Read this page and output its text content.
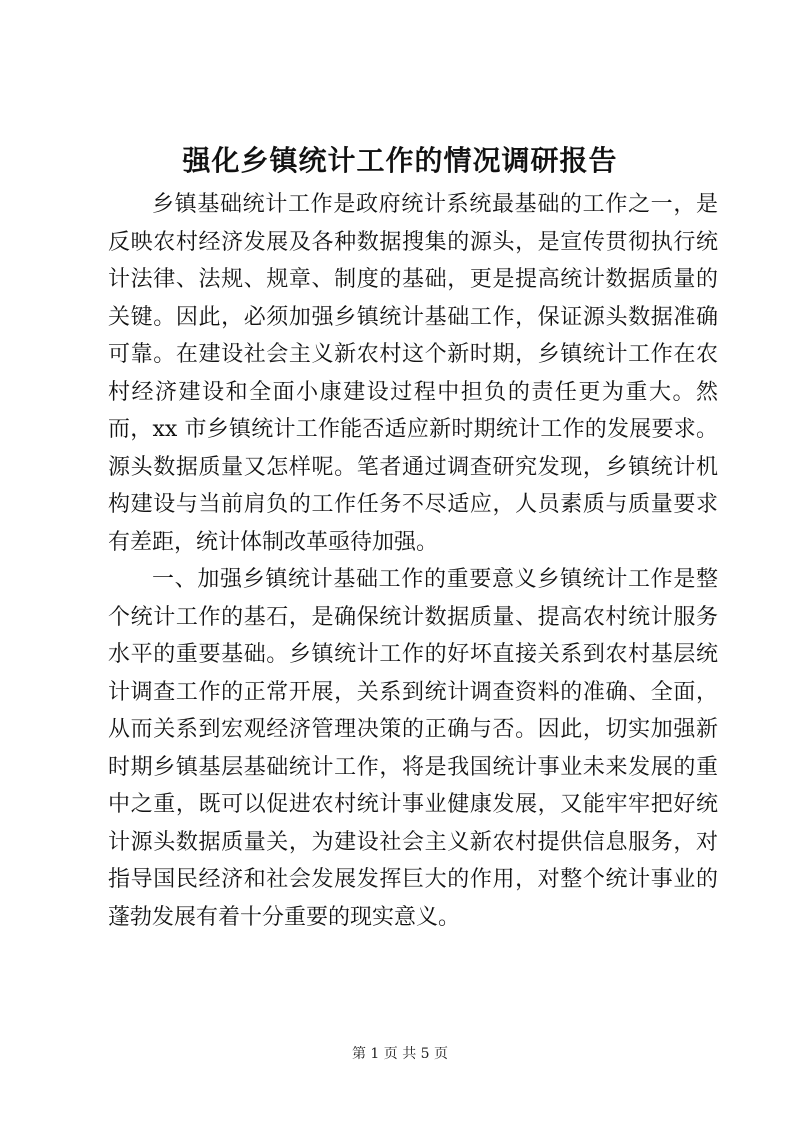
强化乡镇统计工作的情况调研报告

乡镇基础统计工作是政府统计系统最基础的工作之一，是反映农村经济发展及各种数据搜集的源头，是宣传贯彻执行统计法律、法规、规章、制度的基础，更是提高统计数据质量的关键。因此，必须加强乡镇统计基础工作，保证源头数据准确可靠。在建设社会主义新农村这个新时期，乡镇统计工作在农村经济建设和全面小康建设过程中担负的责任更为重大。然而，xx 市乡镇统计工作能否适应新时期统计工作的发展要求。源头数据质量又怎样呢。笔者通过调查研究发现，乡镇统计机构建设与当前肩负的工作任务不尽适应，人员素质与质量要求有差距，统计体制改革亟待加强。

一、加强乡镇统计基础工作的重要意义乡镇统计工作是整个统计工作的基石，是确保统计数据质量、提高农村统计服务水平的重要基础。乡镇统计工作的好坏直接关系到农村基层统计调查工作的正常开展，关系到统计调查资料的准确、全面，从而关系到宏观经济管理决策的正确与否。因此，切实加强新时期乡镇基层基础统计工作，将是我国统计事业未来发展的重中之重，既可以促进农村统计事业健康发展，又能牢牢把好统计源头数据质量关，为建设社会主义新农村提供信息服务，对指导国民经济和社会发展发挥巨大的作用，对整个统计事业的蓬勃发展有着十分重要的现实意义。

第 1 页 共 5 页
